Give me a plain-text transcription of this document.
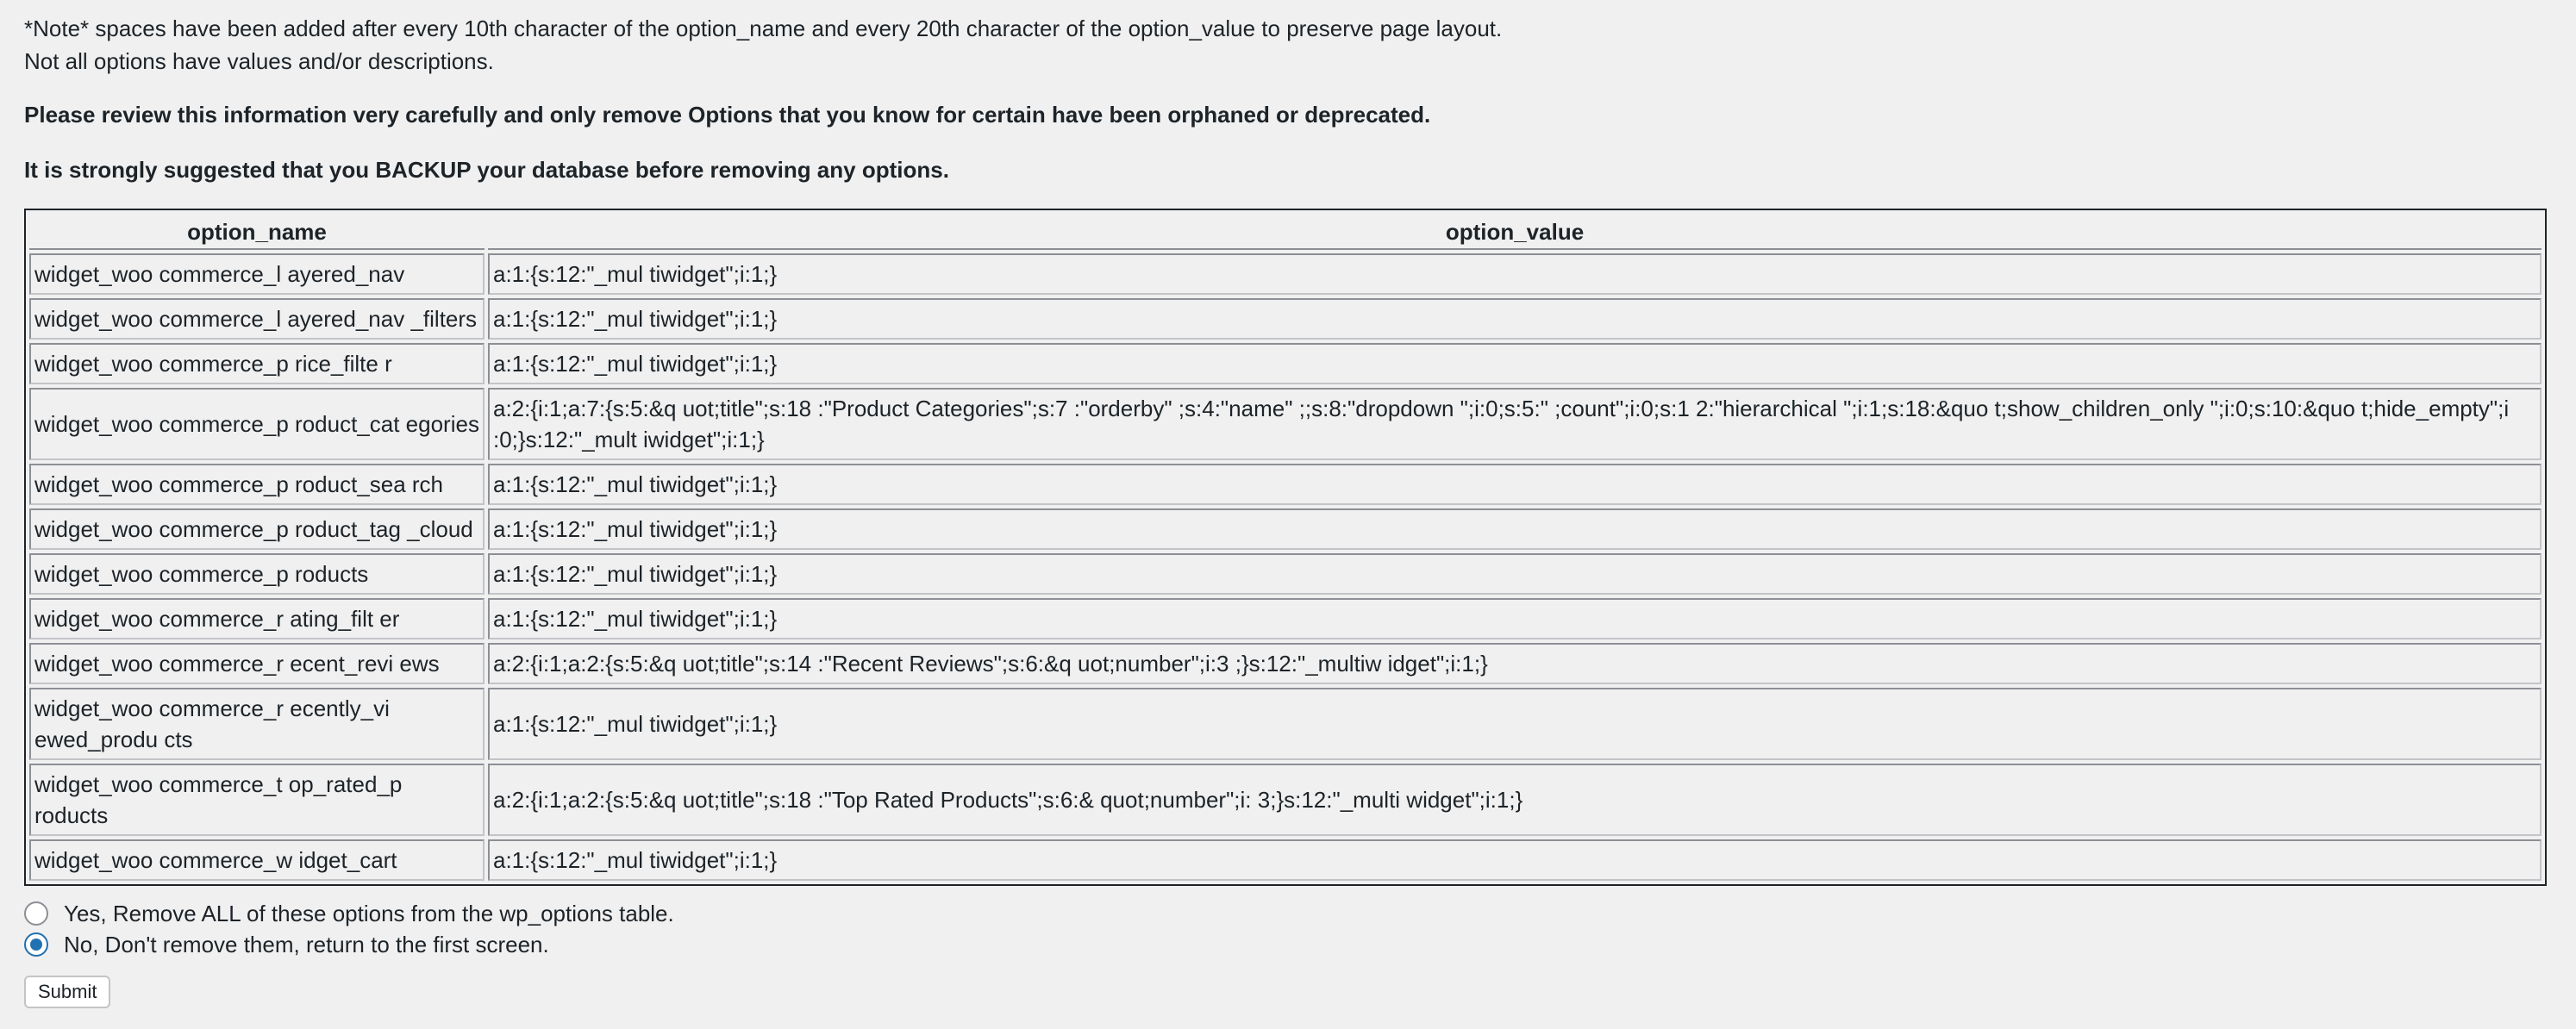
*Note* spaces have been added after every 10th character of the option_name and every 20th character of the option_value to preserve page layout.

Not all options have values and/or descriptions.

Please review this information very carefully and only remove Options that you know for certain have been orphaned or deprecated.

It is strongly suggested that you BACKUP your database before removing any options.

option_name	option_value
widget_woo commerce_l ayered_nav	a:1:{s:12:"_mul tiwidget";i:1;}
widget_woo commerce_l ayered_nav _filters	a:1:{s:12:"_mul tiwidget";i:1;}
widget_woo commerce_p rice_filte r	a:1:{s:12:"_mul tiwidget";i:1;}
widget_woo commerce_p roduct_cat egories	a:2:{i:1;a:7:{s:5:&q uot;title";s:18 :"Product Categories";s:7 :"orderby" ;s:4:"name" ;;s:8:"dropdown ";i:0;s:5:" ;count";i:0;s:1 2:"hierarchical ";i:1;s:18:&quo t;show_children_only ";i:0;s:10:&quo t;hide_empty";i :0;}s:12:"_mult iwidget";i:1;}
widget_woo commerce_p roduct_sea rch	a:1:{s:12:"_mul tiwidget";i:1;}
widget_woo commerce_p roduct_tag _cloud	a:1:{s:12:"_mul tiwidget";i:1;}
widget_woo commerce_p roducts	a:1:{s:12:"_mul tiwidget";i:1;}
widget_woo commerce_r ating_filt er	a:1:{s:12:"_mul tiwidget";i:1;}
widget_woo commerce_r ecent_revi ews	a:2:{i:1;a:2:{s:5:&q uot;title";s:14 :"Recent Reviews";s:6:&q uot;number";i:3 ;}s:12:"_multiw idget";i:1;}
widget_woo commerce_r ecently_vi ewed_produ cts	a:1:{s:12:"_mul tiwidget";i:1;}
widget_woo commerce_t op_rated_p roducts	a:2:{i:1;a:2:{s:5:&q uot;title";s:18 :"Top Rated Products";s:6:& quot;number";i: 3;}s:12:"_multi widget";i:1;}
widget_woo commerce_w idget_cart	a:1:{s:12:"_mul tiwidget";i:1;}
Yes, Remove ALL of these options from the wp_options table.
No, Don't remove them, return to the first screen.
Submit
